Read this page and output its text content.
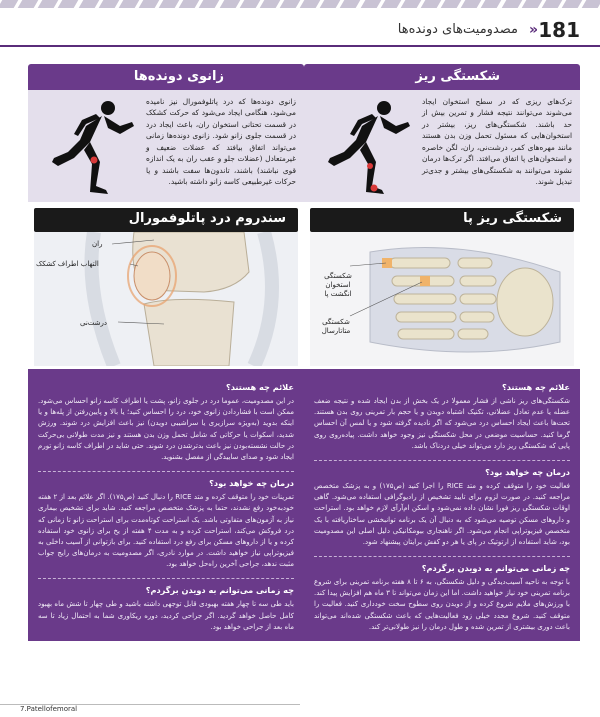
181
»
مصدومیت‌های دونده‌ها
شکستگی ریز

ترک‌های ریزی که در سطح استخوان ایجاد می‌شوند می‌توانند نتیجه فشار و تمرین بیش از حد باشند. شکستگی‌های ریز، بیشتر در استخوان‌هایی که مسئول تحمل وزن بدن هستند مانند مهره‌های کمر، درشت‌نی، ران، لگن خاصره و استخوان‌های پا اتفاق می‌افتد. اگر ترک‌ها درمان نشوند می‌توانند به شکستگی‌های بیشتر و جدی‌تر تبدیل شوند.

شکستگی ریز پا
شکستگی استخوان انگشت پا
شکستگی متاتارسال
علائم چه هستند؟

شکستگی‌های ریز ناشی از فشار معمولا در یک بخش از بدن ایجاد شده و نتیجه ضعف عضله یا عدم تعادل عضلانی، تکنیک اشتباه دویدن و یا حجم بار تمرینی روی بدن هستند. تحت‌ها باعث ایجاد احساس درد می‌شود که اگر نادیده گرفته شود و یا لمس آن احساس گرما کنید. حساسیت موضعی در محل شکستگی نیز وجود خواهد داشت. پیاده‌روی روی پایی که شکستگی ریز دارد می‌تواند خیلی دردناک باشد.

درمان چه خواهد بود؟

فعالیت خود را متوقف کرده و متد RICE را اجرا کنید (ص۱۷۵) و به پزشک متخصص مراجعه کنید. در صورت لزوم برای تایید تشخیص از رادیوگرافی استفاده می‌شود. گاهی اوقات شکستگی ریز فورا نشان داده نمی‌شود و اسکن ام‌آر‌آی لازم خواهد بود. استراحت و داروهای مسکن توصیه می‌شود که به دنبال آن یک برنامه توانبخشی ساختاریافته با یک متخصص فیزیوتراپی انجام می‌شود. اگر ناهنجاری بیومکانیکی دلیل اصلی این مصدومیت بود، شاید استفاده از ارتوتیک در پای یا هر دو کفش برایتان پیشنهاد شود.

چه زمانی می‌توانم به دویدن برگردم؟

با توجه به ناحیه آسیب‌دیدگی و دلیل شکستگی، به ۶ تا ۸ هفته برنامه تمرینی برای شروع برنامه تمرینی خود نیاز خواهید داشت. اما این زمان می‌تواند تا ۳ ماه هم افزایش پیدا کند. با ورزش‌های ملایم شروع کرده و از دویدن روی سطوح سخت خودداری کنید. فعالیت را متوقف کنید. شروع مجدد خیلی زود فعالیت‌هایی که باعث شکستگی شده‌اند می‌تواند باعث دوری بیشتری از تمرین شده و طول درمان را نیز طولانی‌تر کند.

زانوی دونده‌ها

زانوی دونده‌ها که درد پاتلوفمورال نیز نامیده می‌شود، هنگامی ایجاد می‌شود که حرکت کشکک در قسمت تحتانی استخوان ران، باعث ایجاد درد در قسمت جلوی زانو شود. زانوی دونده‌ها زمانی می‌تواند اتفاق بیافتد که عضلات ضعیف و غیرمتعادل (عضلات جلو و عقب ران به یک اندازه قوی نباشند) باشند، تاندون‌ها سفت باشند و یا حرکات غیرطبیعی کاسه زانو داشته باشید.

سندروم درد پاتلوفمورال
ران
التهاب اطراف کشکک
درشت‌نی
علائم چه هستند؟

در این مصدومیت، عموما درد در جلوی زانو، پشت یا اطراف کاسه زانو احساس می‌شود. ممکن است با فشاردادن زانوی خود، درد را احساس کنید؛ یا بالا و پایین‌رفتن از پله‌ها و یا اینکه بدوید (به‌ویژه سرازیری یا سراشیبی دویدن) نیز باعث افزایش درد شوند. ورزش شدید، اسکوات یا حرکاتی که شامل تحمل وزن بدن هستند و نیز مدت طولانی بی‌حرکت در حالت نشسته‌بودن نیز باعث بدترشدن درد شوند. حتی شاید در اطراف کاسه زانو تورم ایجاد شود و صدای ساییدگی از مفصل بشنوید.

درمان چه خواهد بود؟

تمرینات خود را متوقف کرده و متد RICE را دنبال کنید (ص۱۷۵). اگر علائم بعد از ۲ هفته خودبه‌خود رفع نشدند، حتما به پزشک متخصص مراجعه کنید. شاید برای تشخیص بیماری نیاز به آزمون‌های متفاوتی باشد. یک استراحت کوتاه‌مدت برای استراحت زانو تا زمانی که درد فروکش می‌کند، استراحت کرده و به مدت ۴ هفته از یخ برای زانوی خود استفاده کرده و یا از داروهای مسکن برای رفع درد استفاده کنید. برای بازتوانی از آسیب داخلی به فیزیوتراپی نیاز خواهید داشت. در موارد نادری، اگر مصدومیت به درمان‌های رایج جواب مثبت ندهد، جراحی آخرین راه‌حل خواهد بود.

چه زمانی می‌توانم به دویدن برگردم؟

باید طی سه تا چهار هفته بهبودی قابل توجهی داشته باشید و طی چهار تا شش ماه بهبود کامل حاصل خواهد گردید. اگر جراحی کردید، دوره ریکاوری شما به احتمال زیاد تا سه ماه بعد از جراحی خواهد بود.

7.Patellofemoral
